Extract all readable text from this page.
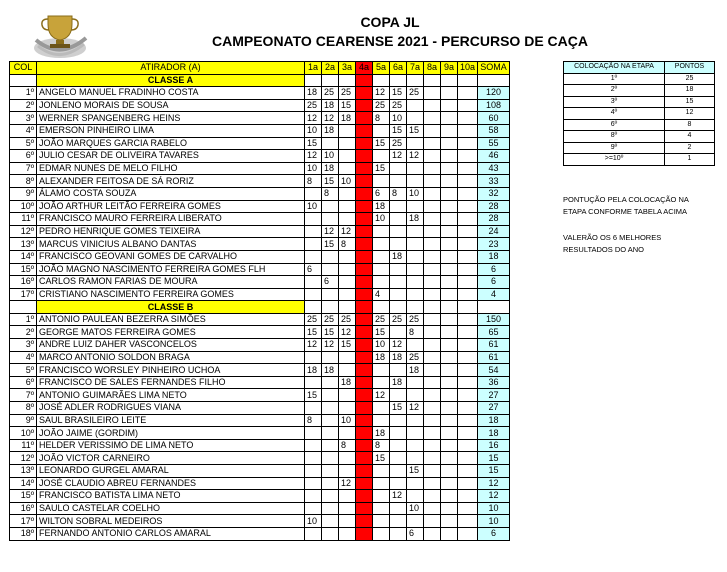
COPA JL
CAMPEONATO CEARENSE 2021 - PERCURSO DE CAÇA
COL	ATIRADOR (A)	1a	2a	3a	4a	5a	6a	7a	8a	9a	10a	SOMA
	CLASSE A											
1º	ANGELO MANUEL FRADINHO COSTA	18	25	25		12	15	25				120
2º	JONLENO MORAIS DE SOUSA	25	18	15		25	25					108
3º	WERNER SPANGENBERG HEINS	12	12	18		8	10					60
4º	EMERSON PINHEIRO LIMA	10	18				15	15				58
5º	JOÃO MARQUES GARCIA RABELO	15				15	25					55
6º	JULIO CESAR DE OLIVEIRA TAVARES	12	10				12	12				46
7º	EDMAR NUNES DE MELO FILHO	10	18			15						43
8º	ALEXANDER FEITOSA DE SÁ RORIZ	8	15	10								33
9º	ÁLAMO COSTA SOUZA		8			6	8	10				32
10º	JOÃO ARTHUR LEITÃO FERREIRA GOMES	10				18						28
11º	FRANCISCO MAURO FERREIRA LIBERATO					10		18				28
12º	PEDRO HENRIQUE GOMES TEIXEIRA		12	12								24
13º	MARCUS VINICIUS ALBANO DANTAS		15	8								23
14º	FRANCISCO GEOVANI GOMES DE CARVALHO						18					18
15º	JOÃO MAGNO NASCIMENTO FERREIRA GOMES FLH	6										6
16º	CARLOS RAMON FARIAS DE MOURA		6									6
17º	CRISTIANO NASCIMENTO FERREIRA GOMES					4						4
	CLASSE B											
1º	ANTONIO PAULEAN BEZERRA SIMÕES	25	25	25		25	25	25				150
2º	GEORGE MATOS FERREIRA GOMES	15	15	12		15		8				65
3º	ANDRE LUIZ DAHER VASCONCELOS	12	12	15		10	12					61
4º	MARCO ANTONIO SOLDON BRAGA					18	18	25				61
5º	FRANCISCO WORSLEY PINHEIRO UCHOA	18	18					18				54
6º	FRANCISCO DE SALES FERNANDES FILHO			18			18					36
7º	ANTONIO GUIMARÃES LIMA NETO	15				12						27
8º	JOSÉ ADLER RODRIGUES VIANA						15	12				27
9º	SAUL BRASILEIRO LEITE	8		10								18
10º	JOÃO JAIME (GORDIM)					18						18
11º	HELDER VERISSIMO DE LIMA NETO			8		8						16
12º	JOÃO VICTOR CARNEIRO					15						15
13º	LEONARDO GURGEL AMARAL							15				15
14º	JOSÉ CLAUDIO ABREU FERNANDES			12								12
15º	FRANCISCO BATISTA LIMA NETO						12					12
16º	SAULO CASTELAR COELHO							10				10
17º	WILTON SOBRAL MEDEIROS	10										10
18º	FERNANDO ANTONIO CARLOS AMARAL							6				6
COLOCAÇÃO NA ETAPA	PONTOS
1º	25
2º	18
3º	15
4º	12
6º	8
8º	4
9º	2
>=10º	1
PONTUÇÃO PELA COLOCAÇÃO NA ETAPA CONFORME TABELA ACIMA
VALERÃO OS 6 MELHORES RESULTADOS DO ANO
